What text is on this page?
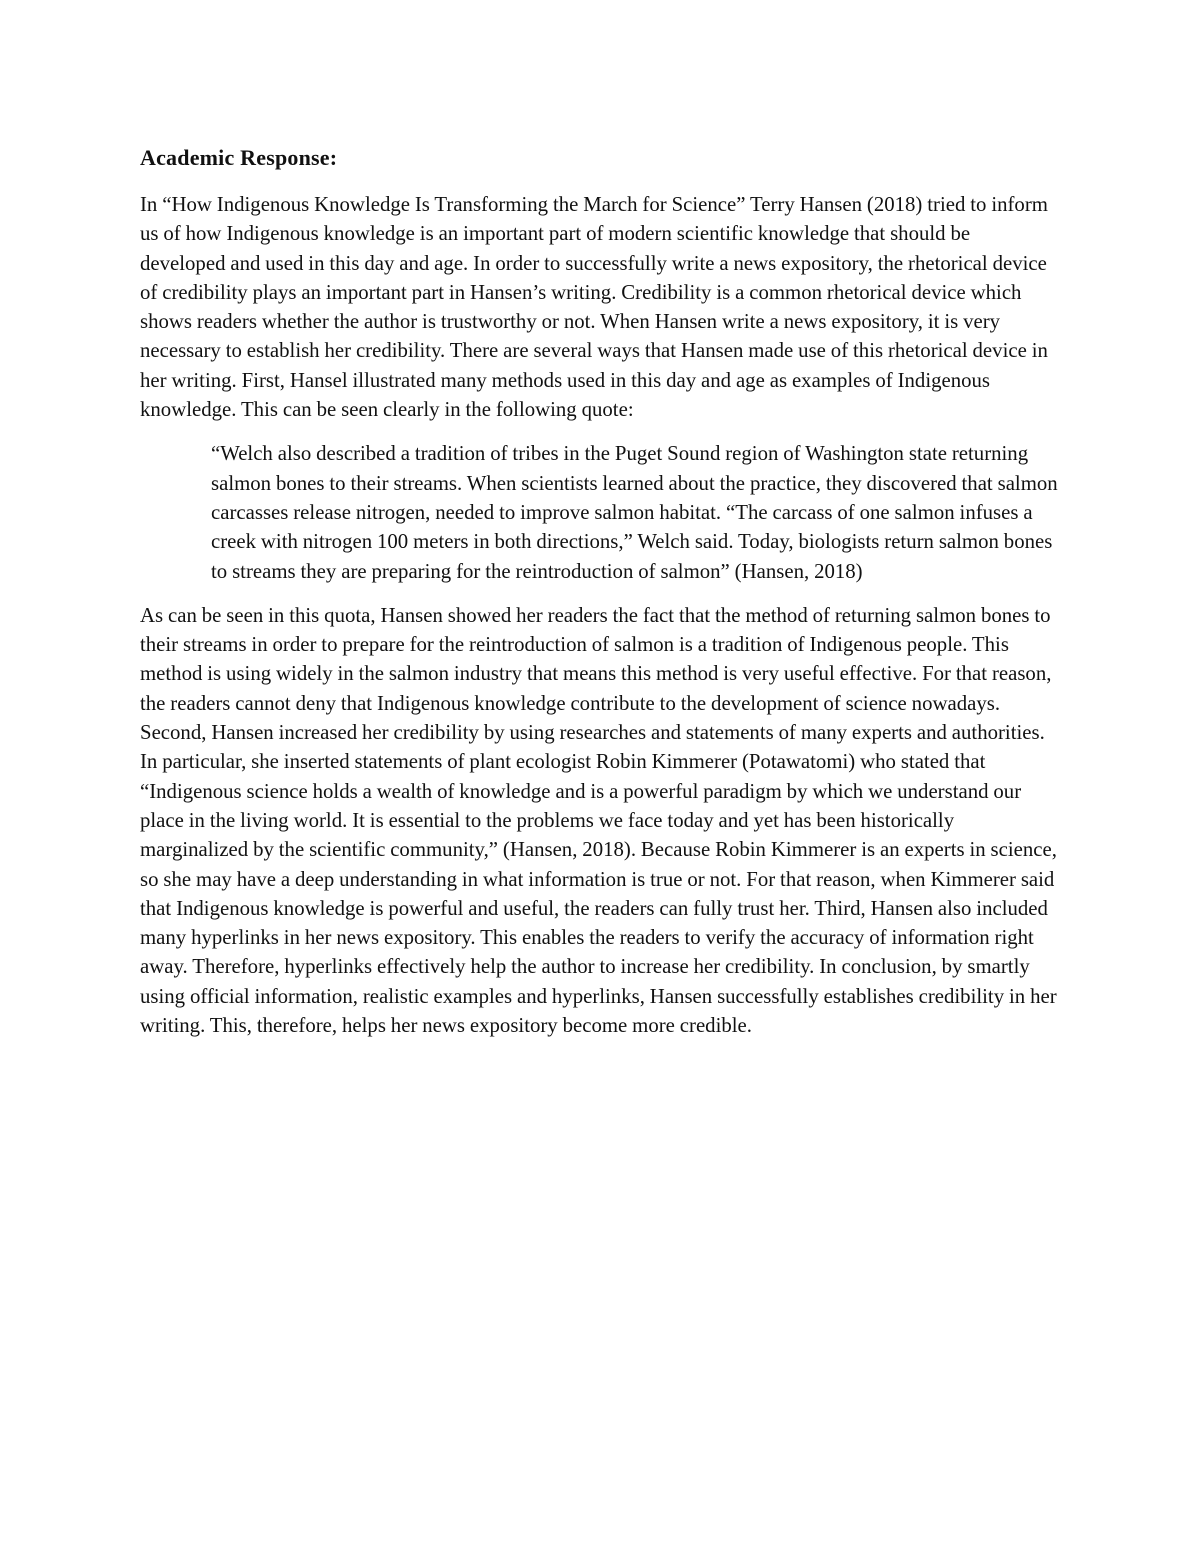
Academic Response:

In “How Indigenous Knowledge Is Transforming the March for Science” Terry Hansen (2018) tried to inform us of how Indigenous knowledge is an important part of modern scientific knowledge that should be developed and used in this day and age. In order to successfully write a news expository, the rhetorical device of credibility plays an important part in Hansen’s writing. Credibility is a common rhetorical device which shows readers whether the author is trustworthy or not. When Hansen write a news expository, it is very necessary to establish her credibility. There are several ways that Hansen made use of this rhetorical device in her writing. First, Hansel illustrated many methods used in this day and age as examples of Indigenous knowledge. This can be seen clearly in the following quote:

“Welch also described a tradition of tribes in the Puget Sound region of Washington state returning salmon bones to their streams. When scientists learned about the practice, they discovered that salmon carcasses release nitrogen, needed to improve salmon habitat. “The carcass of one salmon infuses a creek with nitrogen 100 meters in both directions,” Welch said. Today, biologists return salmon bones to streams they are preparing for the reintroduction of salmon” (Hansen, 2018)

As can be seen in this quota, Hansen showed her readers the fact that the method of returning salmon bones to their streams in order to prepare for the reintroduction of salmon is a tradition of Indigenous people. This method is using widely in the salmon industry that means this method is very useful effective. For that reason, the readers cannot deny that Indigenous knowledge contribute to the development of science nowadays. Second, Hansen increased her credibility by using researches and statements of many experts and authorities. In particular, she inserted statements of plant ecologist Robin Kimmerer (Potawatomi) who stated that “Indigenous science holds a wealth of knowledge and is a powerful paradigm by which we understand our place in the living world. It is essential to the problems we face today and yet has been historically marginalized by the scientific community,” (Hansen, 2018). Because Robin Kimmerer is an experts in science, so she may have a deep understanding in what information is true or not. For that reason, when Kimmerer said that Indigenous knowledge is powerful and useful, the readers can fully trust her. Third, Hansen also included many hyperlinks in her news expository. This enables the readers to verify the accuracy of information right away. Therefore, hyperlinks effectively help the author to increase her credibility. In conclusion, by smartly using official information, realistic examples and hyperlinks, Hansen successfully establishes credibility in her writing. This, therefore, helps her news expository become more credible.
